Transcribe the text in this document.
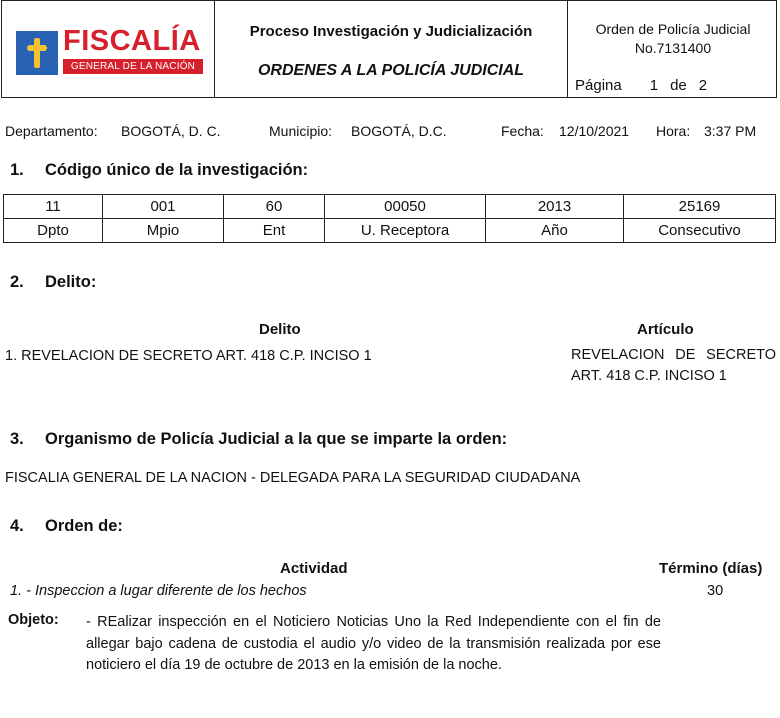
FISCALÍA
GENERAL DE LA NACIÓN
Proceso Investigación y Judicialización
ORDENES A LA POLICÍA JUDICIAL
Orden de Policía Judicial
No.7131400
Página 1 de 2
Departamento: BOGOTÁ, D. C.	Municipio: BOGOTÁ, D.C.	Fecha: 12/10/2021 Hora: 3:37 PM
1. Código único de la investigación:
11	001	60	00050	2013	25169
Dpto	Mpio	Ent	U. Receptora	Año	Consecutivo
2. Delito:
Delito	Artículo
1. REVELACION DE SECRETO ART. 418 C.P. INCISO 1	REVELACION DE SECRETO ART. 418 C.P. INCISO 1
3. Organismo de Policía Judicial a la que se imparte la orden:
FISCALIA GENERAL DE LA NACION - DELEGADA PARA LA SEGURIDAD CIUDADANA
4. Orden de:
Actividad	Término (días)
1. - Inspeccion a lugar diferente de los hechos	30
Objeto: - REalizar inspección en el Noticiero Noticias Uno la Red Independiente con el fin de allegar bajo cadena de custodia el audio y/o video de la transmisión realizada por ese noticiero el día 19 de octubre de 2013 en la emisión de la noche.
